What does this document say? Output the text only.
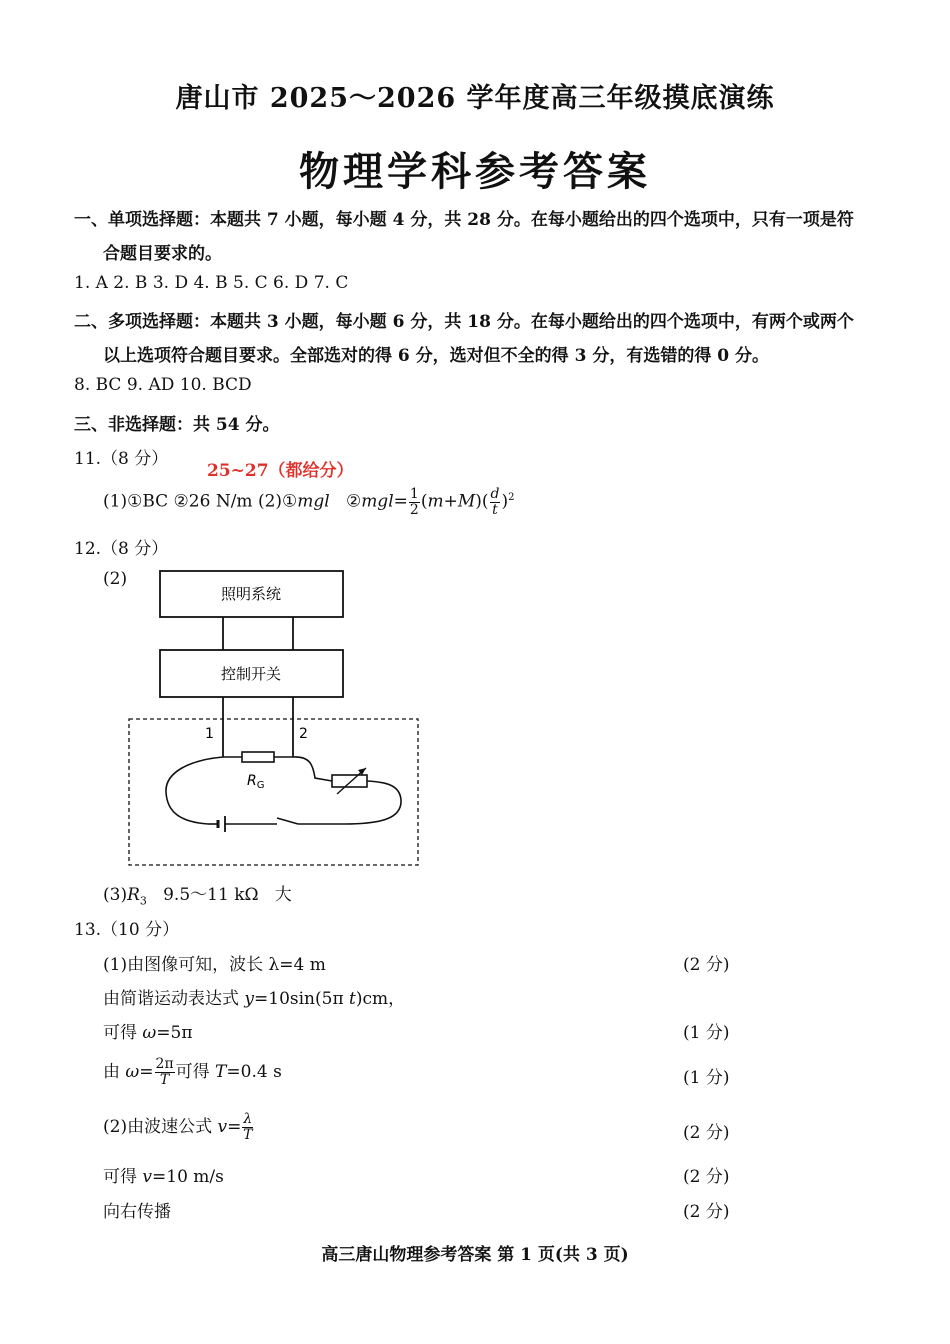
唐山市 2025～2026 学年度高三年级摸底演练
物理学科参考答案
一、单项选择题：本题共 7 小题，每小题 4 分，共 28 分。在每小题给出的四个选项中，只有一项是符
合题目要求的。
1. A 2. B 3. D 4. B 5. C 6. D 7. C
二、多项选择题：本题共 3 小题，每小题 6 分，共 18 分。在每小题给出的四个选项中，有两个或两个
以上选项符合题目要求。全部选对的得 6 分，选对但不全的得 3 分，有选错的得 0 分。
8. BC 9. AD 10. BCD
三、非选择题：共 54 分。
11.（8 分）
25~27（都给分）
(1)①BC ②26 N/m (2)①mgl ②mgl= $\frac{1}{2} (m+M)( \frac{d}{t} )^2$
12.（8 分）
(2)
照明系统
控制开关
1	2
$R_G$
$(3)R_3$   9.5～11 kΩ   大
13.（10 分）
(1)由图像可知，波长 λ=4 m	(2 分)
由简谐运动表达式 y=10sin(5π t)cm，
可得 ω=5π	(1 分)
由 $\omega= \frac{2\pi}{T}$ 可得 T=0.4 s	(1 分)
(2)由波速公式 $v= \frac{\lambda}{T}$	(2 分)
可得 v=10 m/s	(2 分)
向右传播	(2 分)
高三唐山物理参考答案 第 1 页(共 3 页)
